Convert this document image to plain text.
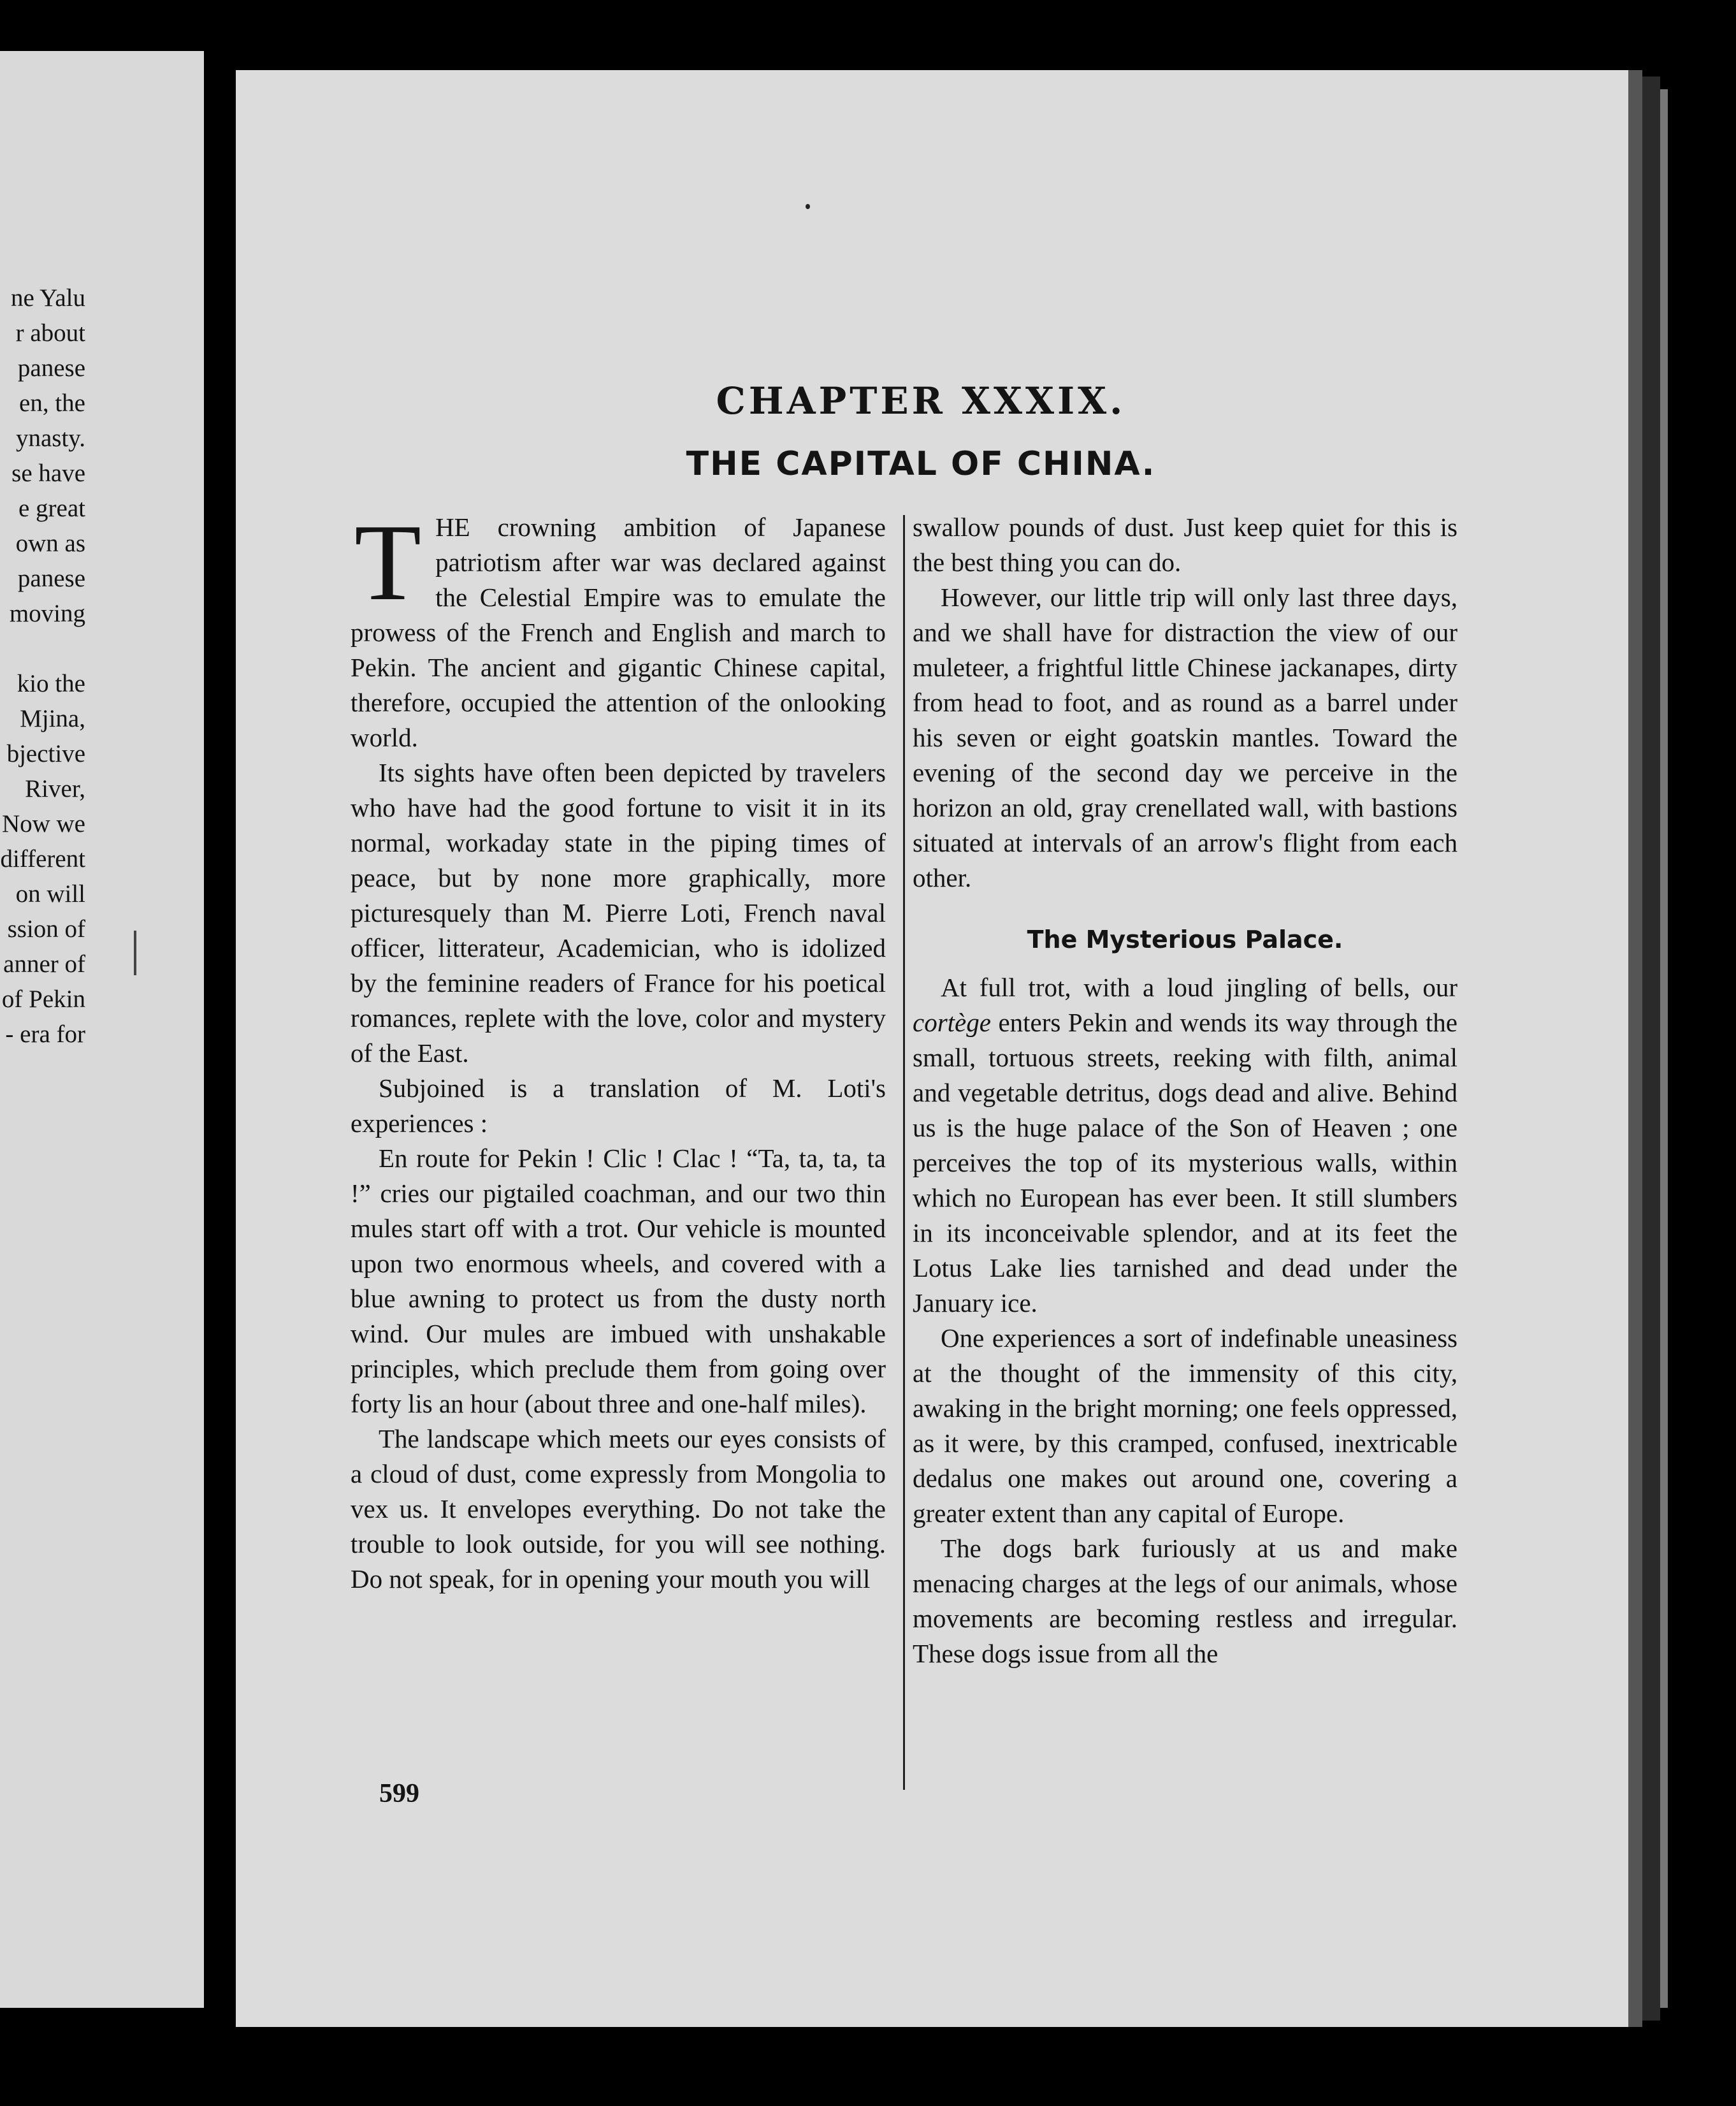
ne Yalu
r about
panese
en, the
ynasty.
se have
e great
own as
panese
moving
kio the
Mjina,
bjective
River,
Now we
different
on will
ssion of
anner of
of Pekin
- era for
CHAPTER XXXIX.
THE CAPITAL OF CHINA.

THE crowning ambition of Japanese patriotism after war was declared against the Celestial Empire was to emulate the prowess of the French and English and march to Pekin. The ancient and gigantic Chinese capital, therefore, occupied the attention of the onlooking world.

Its sights have often been depicted by travelers who have had the good fortune to visit it in its normal, workaday state in the piping times of peace, but by none more graphically, more picturesquely than M. Pierre Loti, French naval officer, litterateur, Academician, who is idolized by the feminine readers of France for his poetical romances, replete with the love, color and mystery of the East.

Subjoined is a translation of M. Loti's experiences :

En route for Pekin ! Clic ! Clac ! “Ta, ta, ta, ta !” cries our pigtailed coachman, and our two thin mules start off with a trot. Our vehicle is mounted upon two enormous wheels, and covered with a blue awning to protect us from the dusty north wind. Our mules are imbued with unshakable principles, which preclude them from going over forty lis an hour (about three and one-half miles).

The landscape which meets our eyes consists of a cloud of dust, come expressly from Mongolia to vex us. It envelopes everything. Do not take the trouble to look outside, for you will see nothing. Do not speak, for in opening your mouth you will

swallow pounds of dust. Just keep quiet for this is the best thing you can do.

However, our little trip will only last three days, and we shall have for distraction the view of our muleteer, a frightful little Chinese jackanapes, dirty from head to foot, and as round as a barrel under his seven or eight goatskin mantles. Toward the evening of the second day we perceive in the horizon an old, gray crenellated wall, with bastions situated at intervals of an arrow's flight from each other.

The Mysterious Palace.

At full trot, with a loud jingling of bells, our cortège enters Pekin and wends its way through the small, tortuous streets, reeking with filth, animal and vegetable detritus, dogs dead and alive. Behind us is the huge palace of the Son of Heaven ; one perceives the top of its mysterious walls, within which no European has ever been. It still slumbers in its inconceivable splendor, and at its feet the Lotus Lake lies tarnished and dead under the January ice.

One experiences a sort of indefinable uneasiness at the thought of the immensity of this city, awaking in the bright morning; one feels oppressed, as it were, by this cramped, confused, inextricable dedalus one makes out around one, covering a greater extent than any capital of Europe.

The dogs bark furiously at us and make menacing charges at the legs of our animals, whose movements are becoming restless and irregular. These dogs issue from all the

599
